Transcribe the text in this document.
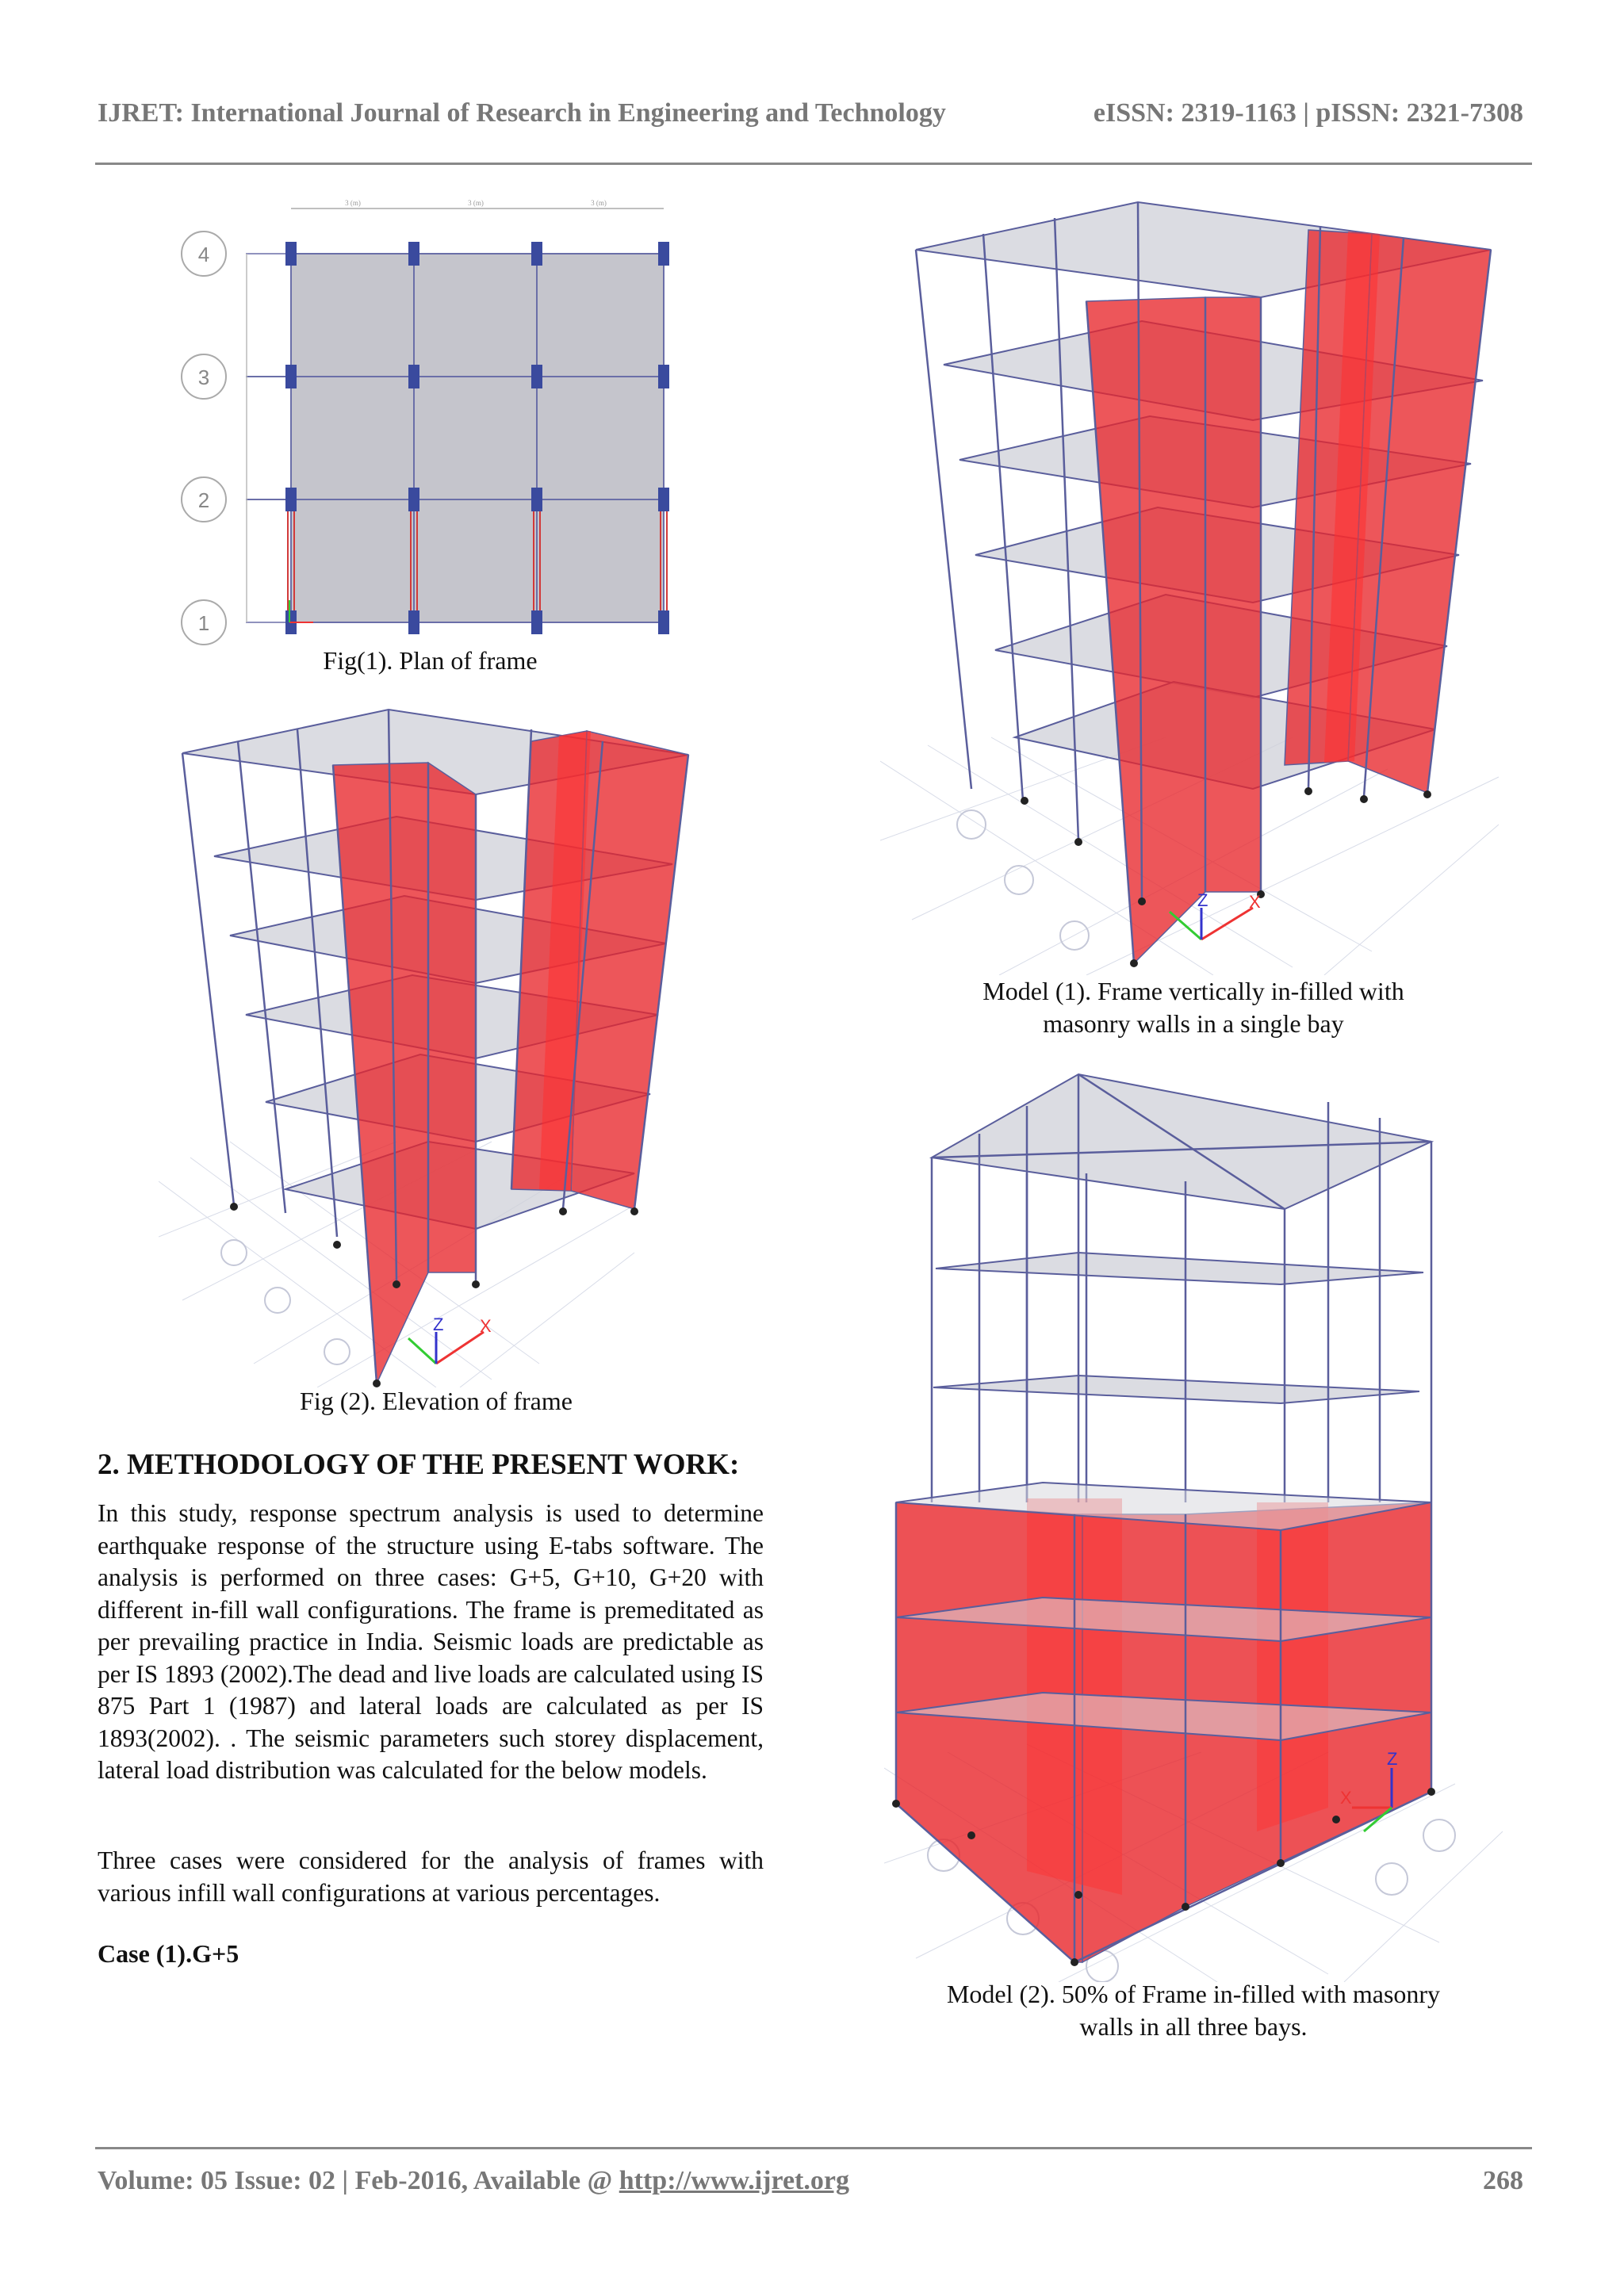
IJRET: International Journal of Research in Engineering and Technology	eISSN: 2319-1163 | pISSN: 2321-7308
3 (m)	3 (m)	3 (m)
4
3
2
1
Fig(1). Plan of frame
Z X
Fig (2). Elevation of frame
Z X
Model (1). Frame vertically in-filled with
masonry walls in a single bay
Z
X
Model (2). 50% of Frame in-filled with masonry
walls in all three bays.
2. METHODOLOGY OF THE PRESENT WORK:
In this study, response spectrum analysis is used to determine earthquake response of the structure using E-tabs software. The analysis is performed on three cases: G+5, G+10, G+20 with different in-fill wall configurations. The frame is premeditated as per prevailing practice in India. Seismic loads are predictable as per IS 1893 (2002).The dead and live loads are calculated using IS 875 Part 1 (1987) and lateral loads are calculated as per IS 1893(2002). . The seismic parameters such storey displacement, lateral load distribution was calculated for the below models.
Three cases were considered for the analysis of frames with various infill wall configurations at various percentages.
Case (1).G+5
Volume: 05 Issue: 02 | Feb-2016, Available @ http://www.ijret.org	268
